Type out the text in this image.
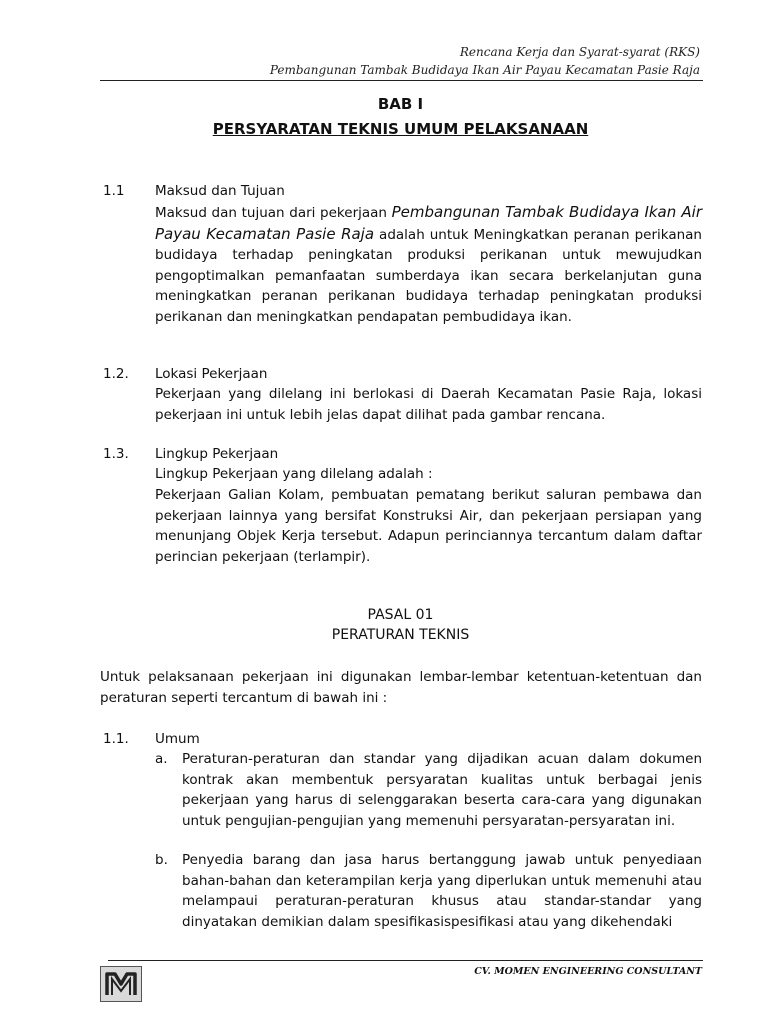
Rencana Kerja dan Syarat-syarat (RKS)
Pembangunan Tambak Budidaya Ikan Air Payau Kecamatan Pasie Raja
BAB I
PERSYARATAN TEKNIS UMUM PELAKSANAAN
1.1 Maksud dan Tujuan
Maksud dan tujuan dari pekerjaan Pembangunan Tambak Budidaya Ikan Air Payau Kecamatan Pasie Raja adalah untuk Meningkatkan peranan perikanan budidaya terhadap peningkatan produksi perikanan untuk mewujudkan pengoptimalkan pemanfaatan sumberdaya ikan secara berkelanjutan guna meningkatkan peranan perikanan budidaya terhadap peningkatan produksi perikanan dan meningkatkan pendapatan pembudidaya ikan.
1.2. Lokasi Pekerjaan
Pekerjaan yang dilelang ini berlokasi di Daerah Kecamatan Pasie Raja, lokasi pekerjaan ini untuk lebih jelas dapat dilihat pada gambar rencana.
1.3. Lingkup Pekerjaan
Lingkup Pekerjaan yang dilelang adalah :
Pekerjaan Galian Kolam, pembuatan pematang berikut saluran pembawa dan pekerjaan lainnya yang bersifat Konstruksi Air, dan pekerjaan persiapan yang menunjang Objek Kerja tersebut. Adapun perinciannya tercantum dalam daftar perincian pekerjaan (terlampir).
PASAL 01
PERATURAN TEKNIS
Untuk pelaksanaan pekerjaan ini digunakan lembar-lembar ketentuan-ketentuan dan peraturan seperti tercantum di bawah ini :
1.1. Umum
a. Peraturan-peraturan dan standar yang dijadikan acuan dalam dokumen kontrak akan membentuk persyaratan kualitas untuk berbagai jenis pekerjaan yang harus di selenggarakan beserta cara-cara yang digunakan untuk pengujian-pengujian yang memenuhi persyaratan-persyaratan ini.
b. Penyedia barang dan jasa harus bertanggung jawab untuk penyediaan bahan-bahan dan keterampilan kerja yang diperlukan untuk memenuhi atau melampaui peraturan-peraturan khusus atau standar-standar yang dinyatakan demikian dalam spesifikasispesifikasi atau yang dikehendaki
CV. MOMEN ENGINEERING CONSULTANT
